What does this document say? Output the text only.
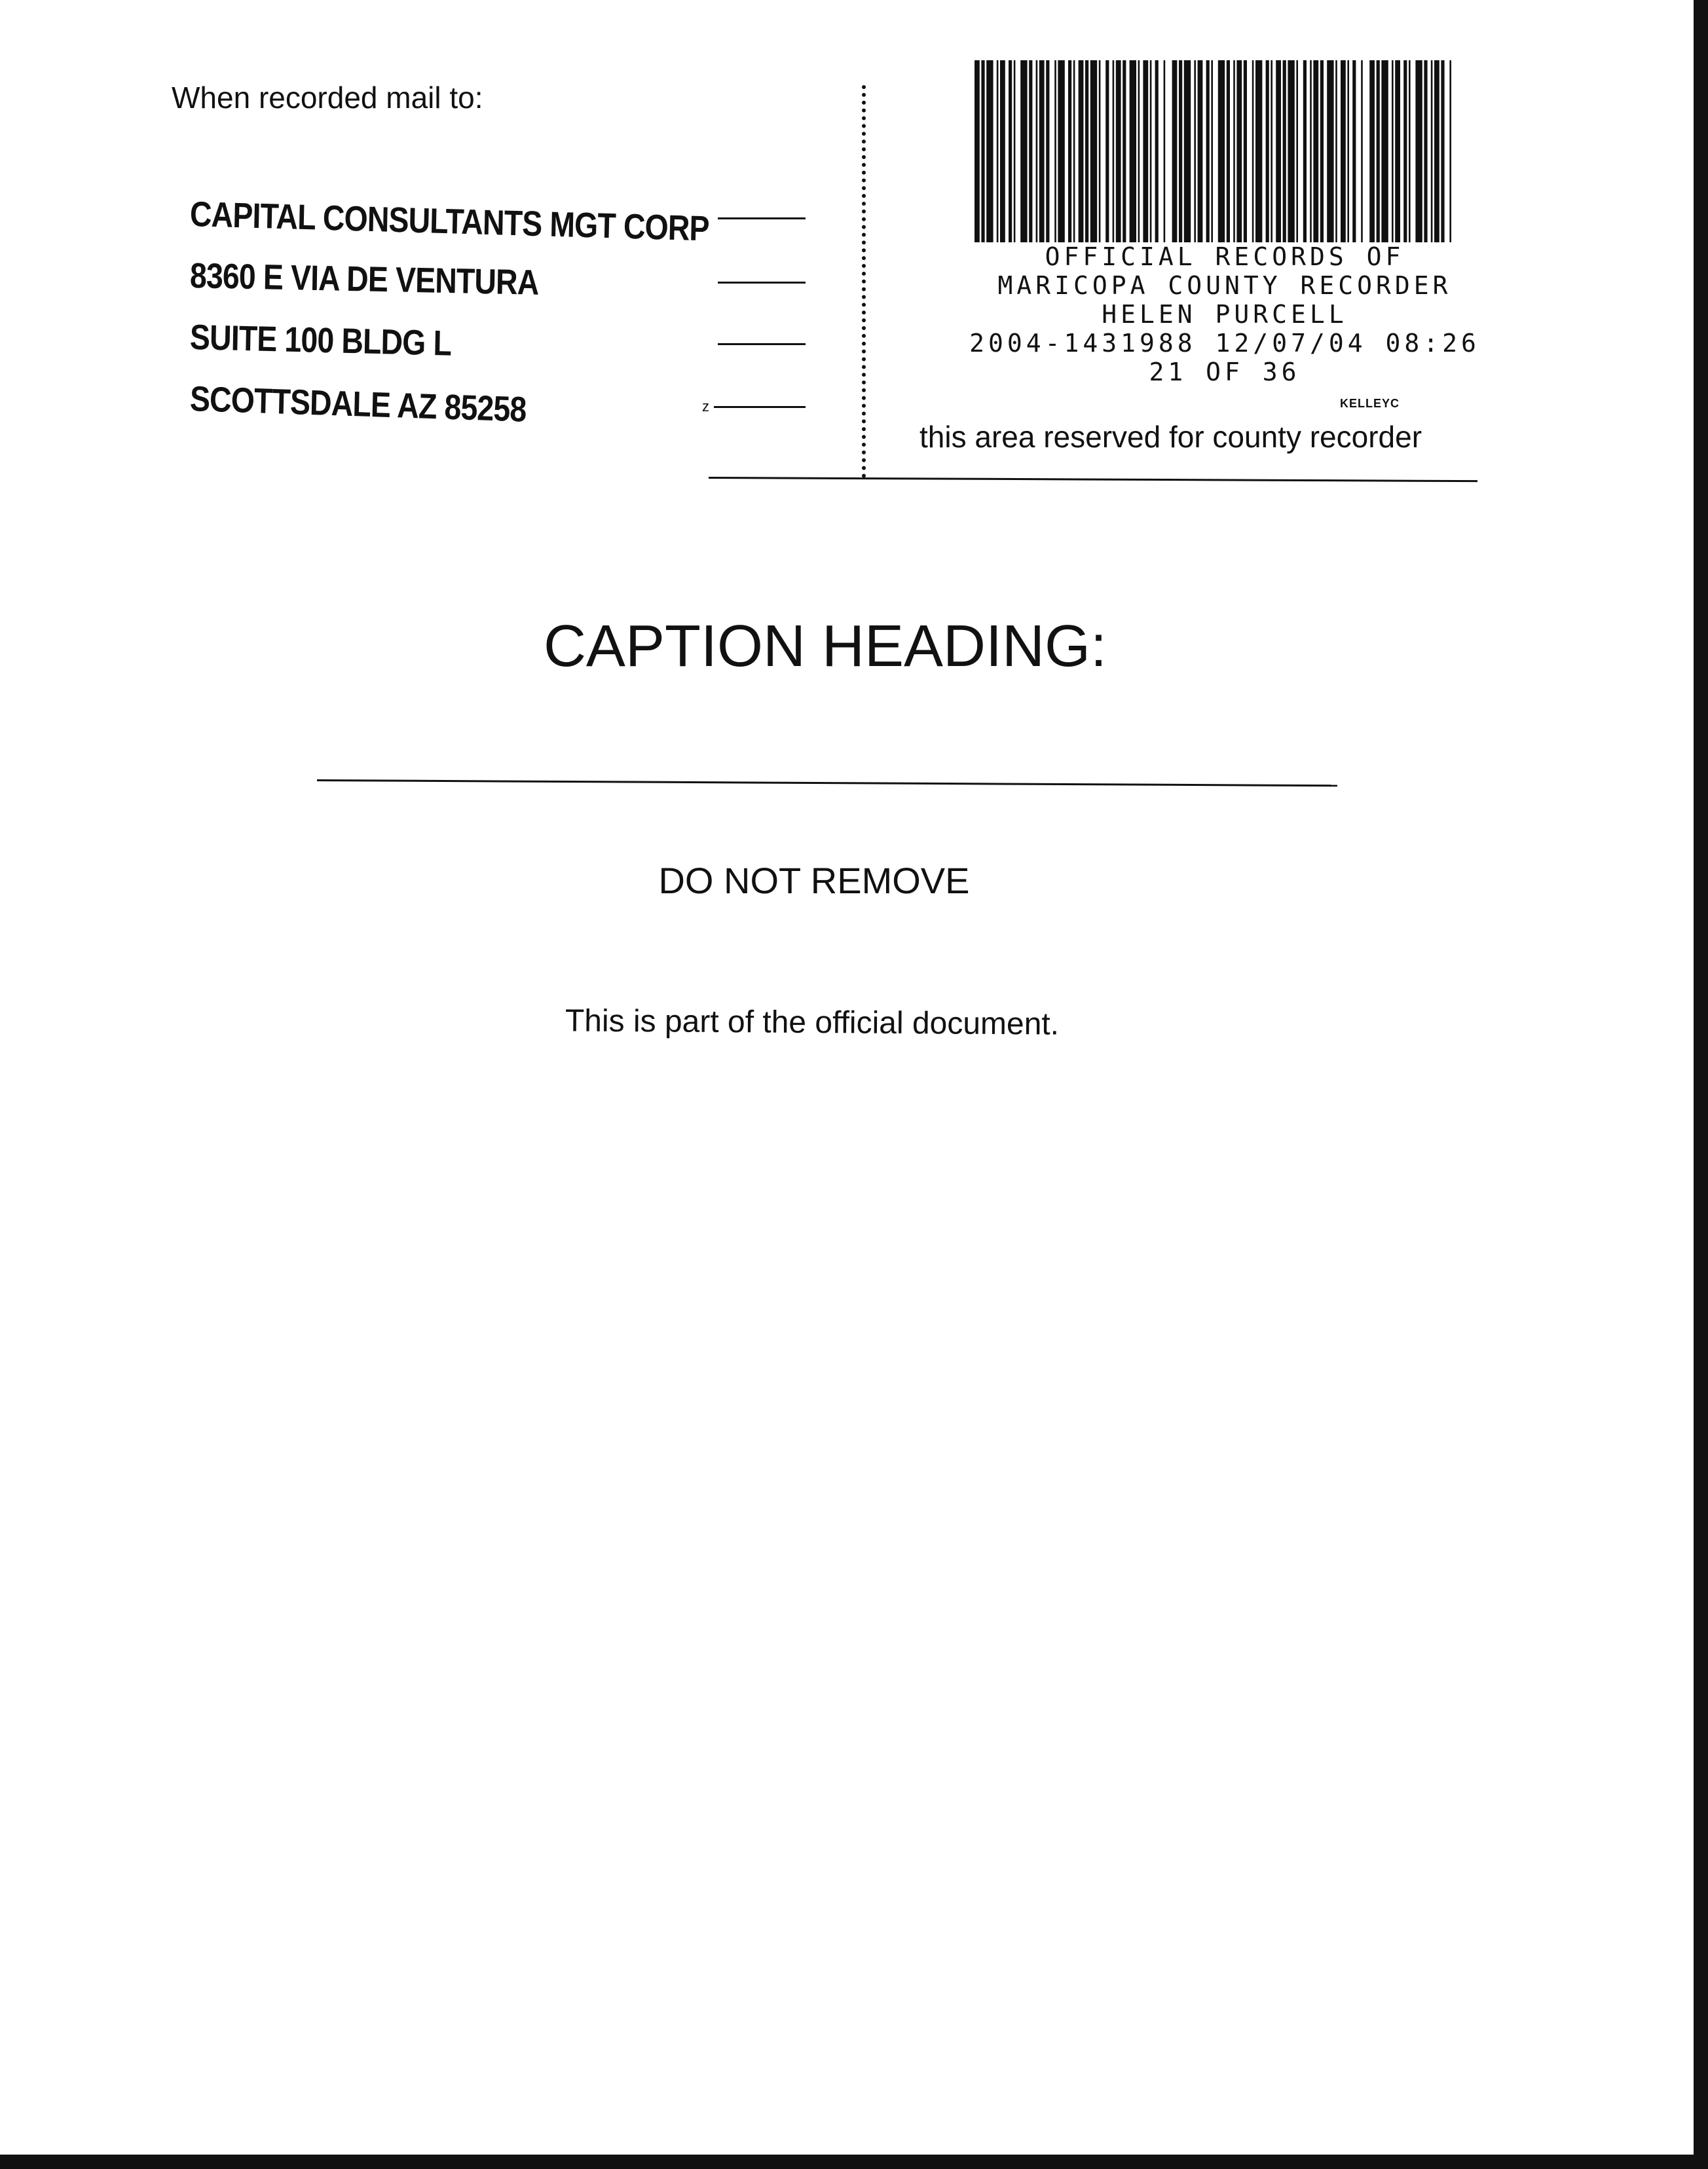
When recorded mail to:
CAPITAL CONSULTANTS MGT CORP
8360 E VIA DE VENTURA
SUITE 100 BLDG L
SCOTTSDALE AZ 85258	z
OFFICIAL RECORDS OF
MARICOPA COUNTY RECORDER
HELEN PURCELL
2004-1431988 12/07/04 08:26
21 OF 36
KELLEYC
this area reserved for county recorder
CAPTION HEADING:
DO NOT REMOVE
This is part of the official document.
